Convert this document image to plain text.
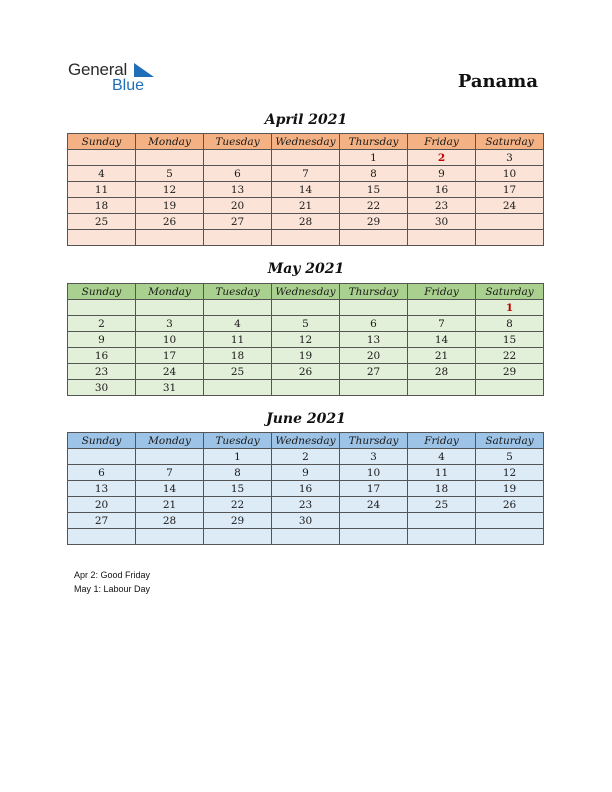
General
Blue	Panama
April 2021
Sunday	Monday	Tuesday	Wednesday	Thursday	Friday	Saturday
				1	2	3
4	5	6	7	8	9	10
11	12	13	14	15	16	17
18	19	20	21	22	23	24
25	26	27	28	29	30	

May 2021
Sunday	Monday	Tuesday	Wednesday	Thursday	Friday	Saturday
						1
2	3	4	5	6	7	8
9	10	11	12	13	14	15
16	17	18	19	20	21	22
23	24	25	26	27	28	29
30	31					
June 2021
Sunday	Monday	Tuesday	Wednesday	Thursday	Friday	Saturday
		1	2	3	4	5
6	7	8	9	10	11	12
13	14	15	16	17	18	19
20	21	22	23	24	25	26
27	28	29	30			

Apr 2: Good Friday
May 1: Labour Day
